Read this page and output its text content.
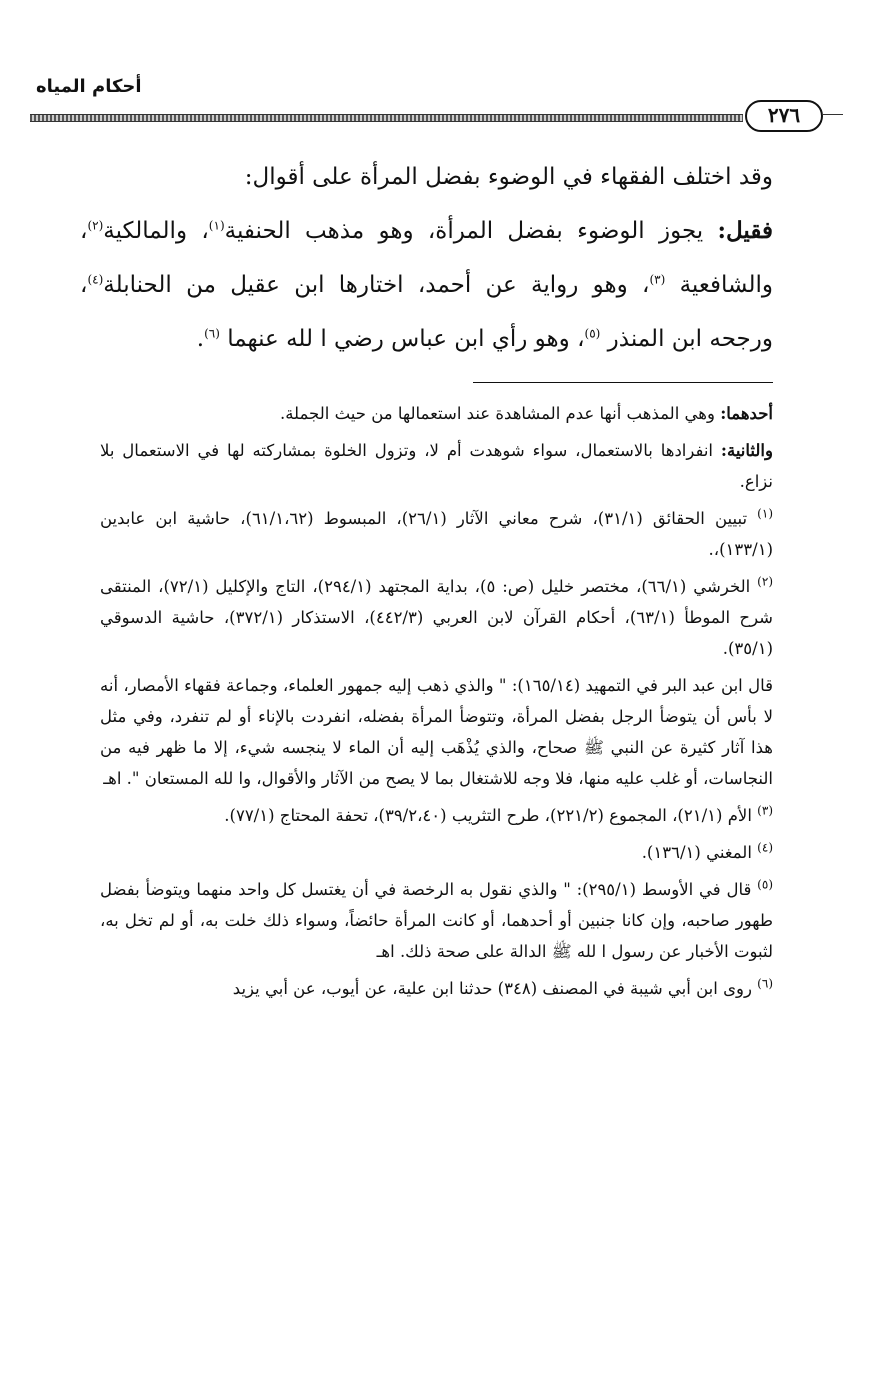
أحكام المياه
٢٧٦

وقد اختلف الفقهاء في الوضوء بفضل المرأة على أقوال:

فقيل: يجوز الوضوء بفضل المرأة، وهو مذهب الحنفية$^{(١)}$، والمالكية$^{(٢)}$، والشافعية $^{(٣)}$، وهو رواية عن أحمد، اختارها ابن عقيل من الحنابلة$^{(٤)}$، ورجحه ابن المنذر $^{(٥)}$، وهو رأي ابن عباس رضي ا لله عنهما $^{(٦)}$.

أحدهما: وهي المذهب أنها عدم المشاهدة عند استعمالها من حيث الجملة.

والثانية: انفرادها بالاستعمال، سواء شوهدت أم لا، وتزول الخلوة بمشاركته لها في الاستعمال بلا نزاع.

$^{(١)}$ تبيين الحقائق (٣١/١)، شرح معاني الآثار (٢٦/١)، المبسوط (٦١/١،٦٢)، حاشية ابن عابدين (١٣٣/١)،.

$^{(٢)}$ الخرشي (٦٦/١)، مختصر خليل (ص: ٥)، بداية المجتهد (٢٩٤/١)، التاج والإكليل (٧٢/١)، المنتقى شرح الموطأ (٦٣/١)، أحكام القرآن لابن العربي (٤٤٢/٣)، الاستذكار (٣٧٢/١)، حاشية الدسوقي (٣٥/١).

قال ابن عبد البر في التمهيد (١٦٥/١٤): " والذي ذهب إليه جمهور العلماء، وجماعة فقهاء الأمصار، أنه لا بأس أن يتوضأ الرجل بفضل المرأة، وتتوضأ المرأة بفضله، انفردت بالإناء أو لم تنفرد، وفي مثل هذا آثار كثيرة عن النبي ﷺ صحاح، والذي يُذْهَب إليه أن الماء لا ينجسه شيء، إلا ما ظهر فيه من النجاسات، أو غلب عليه منها، فلا وجه للاشتغال بما لا يصح من الآثار والأقوال، وا لله المستعان ". اهـ

$^{(٣)}$ الأم (٢١/١)، المجموع (٢٢١/٢)، طرح التثريب (٣٩/٢،٤٠)، تحفة المحتاج (٧٧/١).

$^{(٤)}$ المغني (١٣٦/١).

$^{(٥)}$ قال في الأوسط (٢٩٥/١): " والذي نقول به الرخصة في أن يغتسل كل واحد منهما ويتوضأ بفضل طهور صاحبه، وإن كانا جنبين أو أحدهما، أو كانت المرأة حائضاً، وسواء ذلك خلت به، أو لم تخل به، لثبوت الأخبار عن رسول ا لله ﷺ الدالة على صحة ذلك. اهـ

$^{(٦)}$ روى ابن أبي شيبة في المصنف (٣٤٨) حدثنا ابن علية، عن أيوب، عن أبي يزيد
